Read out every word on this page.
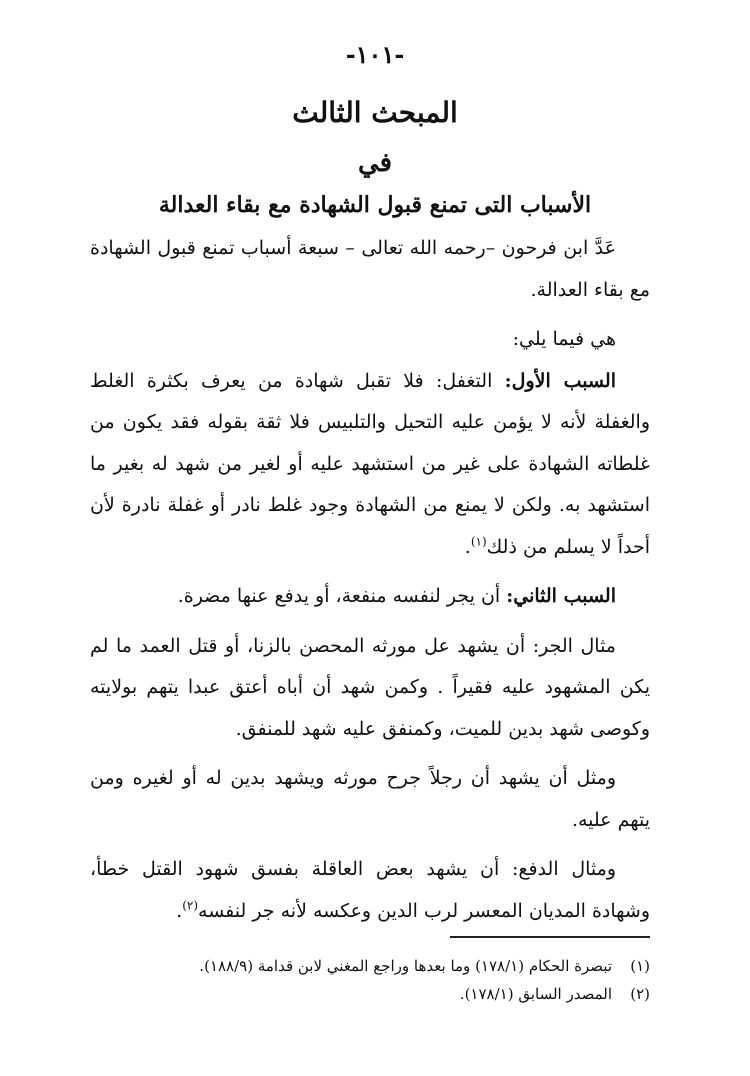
-١٠١-
المبحث الثالث
في
الأسباب التى تمنع قبول الشهادة مع بقاء العدالة

عَدَّ ابن فرحون –رحمه الله تعالى – سبعة أسباب تمنع قبول الشهادة مع بقاء العدالة.

هي فيما يلي:

السبب الأول: التغفل: فلا تقبل شهادة من يعرف بكثرة الغلط والغفلة لأنه لا يؤمن عليه التحيل والتلبيس فلا ثقة بقوله فقد يكون من غلطاته الشهادة على غير من استشهد عليه أو لغير من شهد له بغير ما استشهد به. ولكن لا يمنع من الشهادة وجود غلط نادر أو غفلة نادرة لأن أحداً لا يسلم من ذلك$^{(١)}$.

السبب الثاني: أن يجر لنفسه منفعة، أو يدفع عنها مضرة.

مثال الجر: أن يشهد عل مورثه المحصن بالزنا، أو قتل العمد ما لم يكن المشهود عليه فقيراً . وكمن شهد أن أباه أعتق عبدا يتهم بولايته وكوصى شهد بدين للميت، وكمنفق عليه شهد للمنفق.

ومثل أن يشهد أن رجلاً جرح مورثه ويشهد بدين له أو لغيره ومن يتهم عليه.

ومثال الدفع: أن يشهد بعض العاقلة بفسق شهود القتل خطأ، وشهادة المديان المعسر لرب الدين وعكسه لأنه جر لنفسه$^{(٢)}$.

(١)تبصرة الحكام (١٧٨/١) وما بعدها وراجع المغني لابن قدامة (١٨٨/٩).
(٢)المصدر السابق (١٧٨/١).
